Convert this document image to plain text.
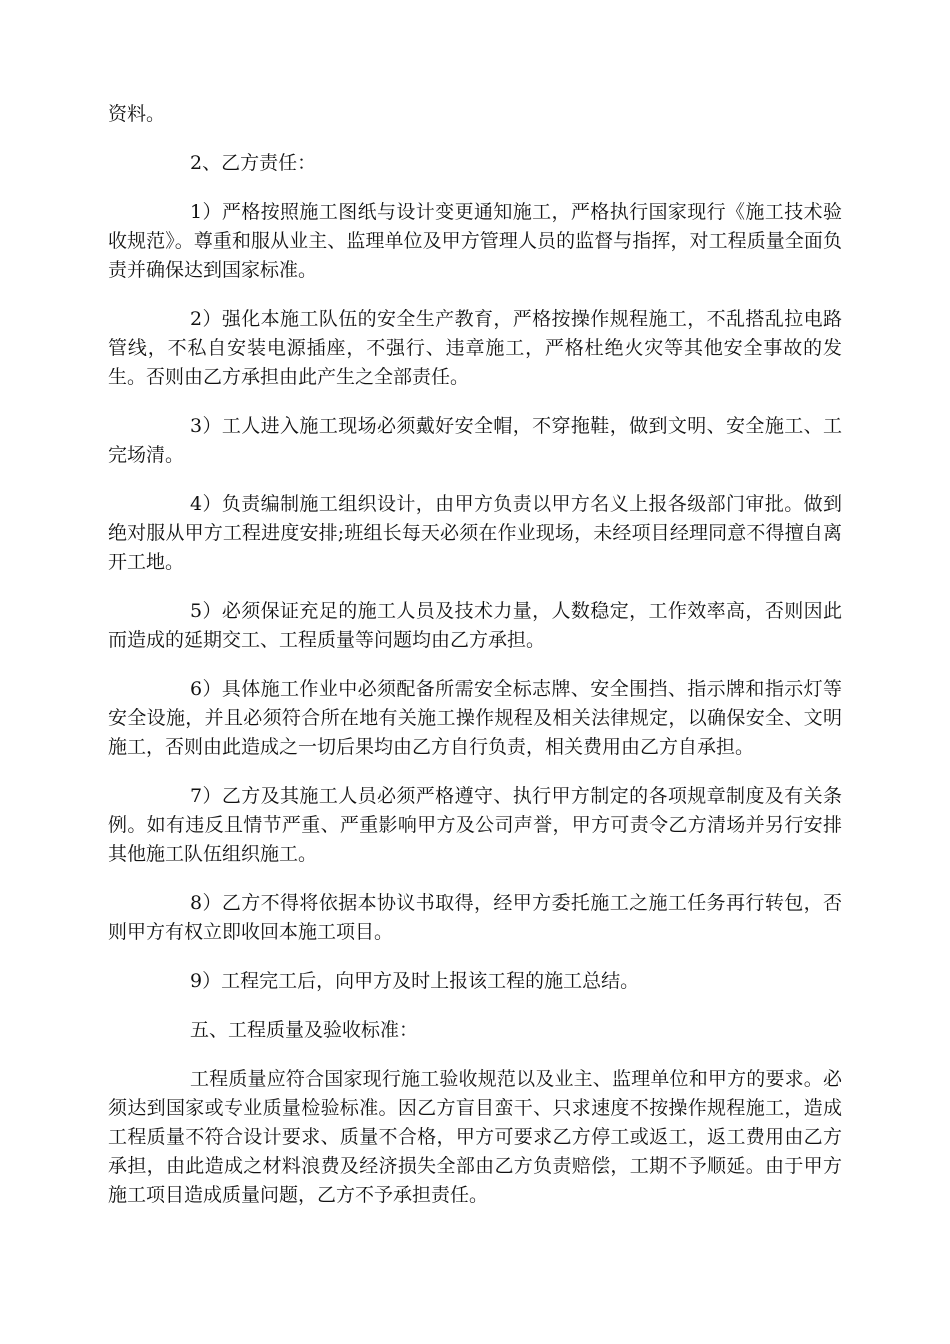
资料。

2、乙方责任：

1）严格按照施工图纸与设计变更通知施工，严格执行国家现行《施工技术验收规范》。尊重和服从业主、监理单位及甲方管理人员的监督与指挥，对工程质量全面负责并确保达到国家标准。

2）强化本施工队伍的安全生产教育，严格按操作规程施工，不乱搭乱拉电路管线，不私自安装电源插座，不强行、违章施工，严格杜绝火灾等其他安全事故的发生。否则由乙方承担由此产生之全部责任。

3）工人进入施工现场必须戴好安全帽，不穿拖鞋，做到文明、安全施工、工完场清。

4）负责编制施工组织设计，由甲方负责以甲方名义上报各级部门审批。做到绝对服从甲方工程进度安排;班组长每天必须在作业现场，未经项目经理同意不得擅自离开工地。

5）必须保证充足的施工人员及技术力量，人数稳定，工作效率高，否则因此而造成的延期交工、工程质量等问题均由乙方承担。

6）具体施工作业中必须配备所需安全标志牌、安全围挡、指示牌和指示灯等安全设施，并且必须符合所在地有关施工操作规程及相关法律规定，以确保安全、文明施工，否则由此造成之一切后果均由乙方自行负责，相关费用由乙方自承担。

7）乙方及其施工人员必须严格遵守、执行甲方制定的各项规章制度及有关条例。如有违反且情节严重、严重影响甲方及公司声誉，甲方可责令乙方清场并另行安排其他施工队伍组织施工。

8）乙方不得将依据本协议书取得，经甲方委托施工之施工任务再行转包，否则甲方有权立即收回本施工项目。

9）工程完工后，向甲方及时上报该工程的施工总结。

五、工程质量及验收标准：

工程质量应符合国家现行施工验收规范以及业主、监理单位和甲方的要求。必须达到国家或专业质量检验标准。因乙方盲目蛮干、只求速度不按操作规程施工，造成工程质量不符合设计要求、质量不合格，甲方可要求乙方停工或返工，返工费用由乙方承担，由此造成之材料浪费及经济损失全部由乙方负责赔偿，工期不予顺延。由于甲方施工项目造成质量问题，乙方不予承担责任。
